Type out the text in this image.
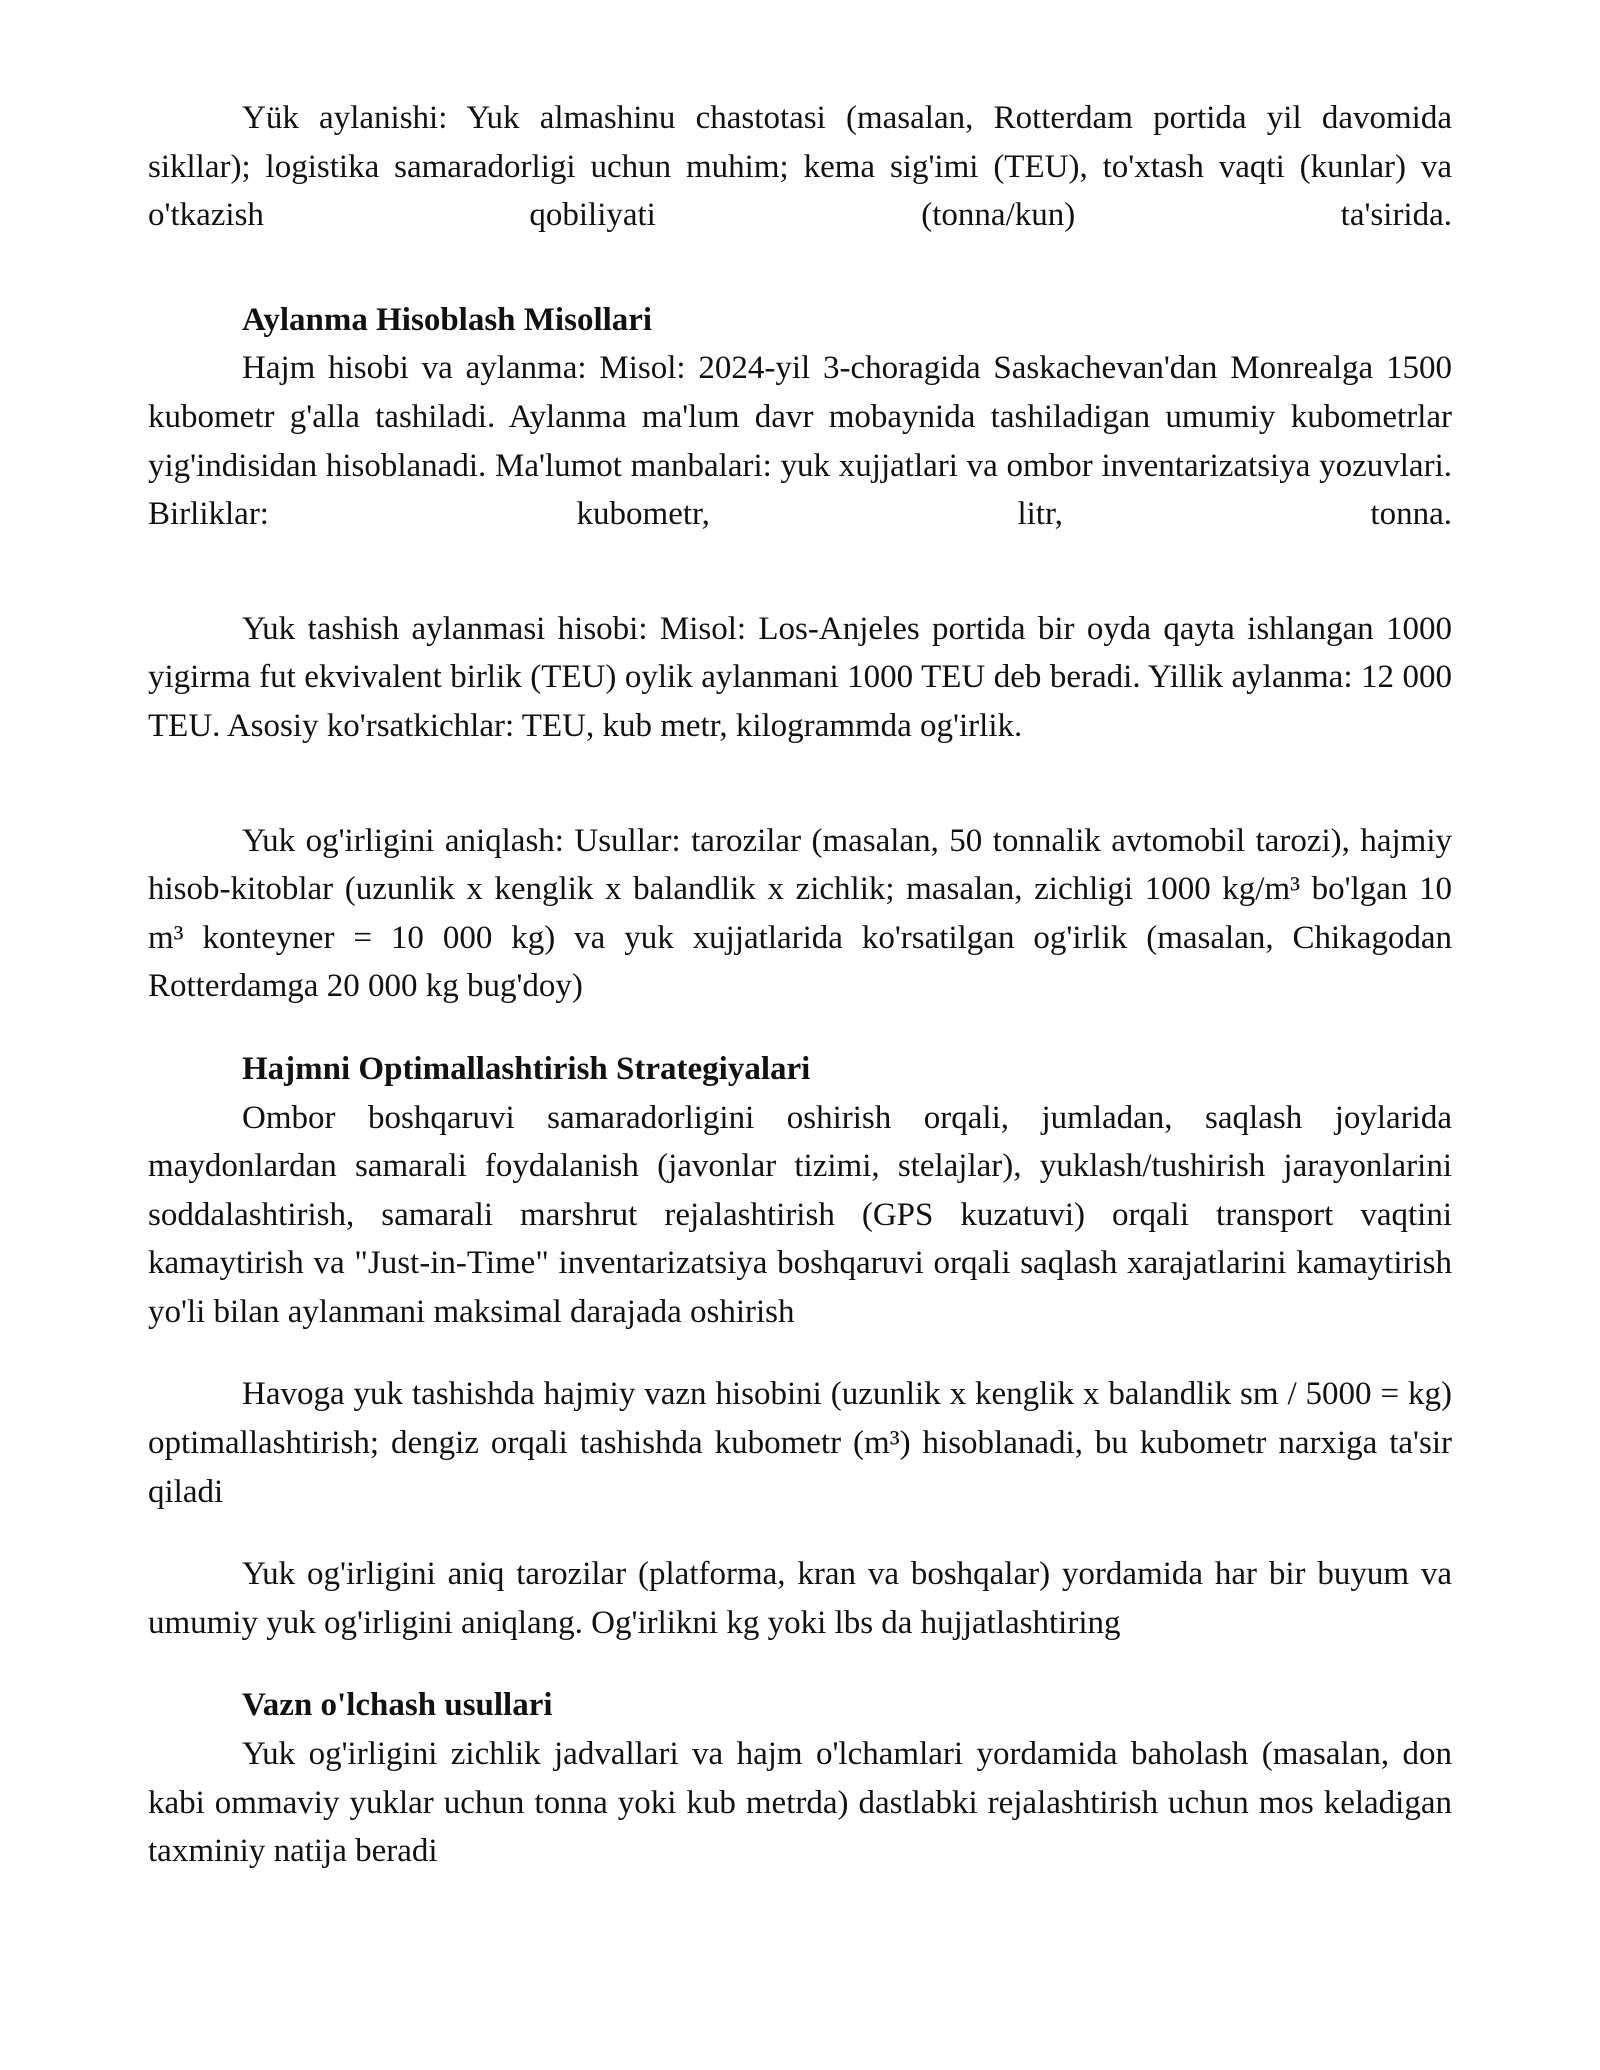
Yük aylanishi: Yuk almashinu chastotasi (masalan, Rotterdam portida yil davomida sikllar); logistika samaradorligi uchun muhim; kema sig'imi (TEU), to'xtash vaqti (kunlar) va o'tkazish qobiliyati (tonna/kun) ta'sirida.

Aylanma Hisoblash Misollari

Hajm hisobi va aylanma: Misol: 2024-yil 3-choragida Saskachevan'dan Monrealga 1500 kubometr g'alla tashiladi. Aylanma ma'lum davr mobaynida tashiladigan umumiy kubometrlar yig'indisidan hisoblanadi. Ma'lumot manbalari: yuk xujjatlari va ombor inventarizatsiya yozuvlari. Birliklar: kubometr, litr, tonna.

Yuk tashish aylanmasi hisobi: Misol: Los-Anjeles portida bir oyda qayta ishlangan 1000 yigirma fut ekvivalent birlik (TEU) oylik aylanmani 1000 TEU deb beradi. Yillik aylanma: 12 000 TEU. Asosiy ko'rsatkichlar: TEU, kub metr, kilogrammda og'irlik.

Yuk og'irligini aniqlash: Usullar: tarozilar (masalan, 50 tonnalik avtomobil tarozi), hajmiy hisob-kitoblar (uzunlik x kenglik x balandlik x zichlik; masalan, zichligi 1000 kg/m³ bo'lgan 10 m³ konteyner = 10 000 kg) va yuk xujjatlarida ko'rsatilgan og'irlik (masalan, Chikagodan Rotterdamga 20 000 kg bug'doy)

Hajmni Optimallashtirish Strategiyalari

Ombor boshqaruvi samaradorligini oshirish orqali, jumladan, saqlash joylarida maydonlardan samarali foydalanish (javonlar tizimi, stelajlar), yuklash/tushirish jarayonlarini soddalashtirish, samarali marshrut rejalashtirish (GPS kuzatuvi) orqali transport vaqtini kamaytirish va "Just-in-Time" inventarizatsiya boshqaruvi orqali saqlash xarajatlarini kamaytirish yo'li bilan aylanmani maksimal darajada oshirish

Havoga yuk tashishda hajmiy vazn hisobini (uzunlik x kenglik x balandlik sm / 5000 = kg) optimallashtirish; dengiz orqali tashishda kubometr (m³) hisoblanadi, bu kubometr narxiga ta'sir qiladi

Yuk og'irligini aniq tarozilar (platforma, kran va boshqalar) yordamida har bir buyum va umumiy yuk og'irligini aniqlang. Og'irlikni kg yoki lbs da hujjatlashtiring

Vazn o'lchash usullari

Yuk og'irligini zichlik jadvallari va hajm o'lchamlari yordamida baholash (masalan, don kabi ommaviy yuklar uchun tonna yoki kub metrda) dastlabki rejalashtirish uchun mos keladigan taxminiy natija beradi
